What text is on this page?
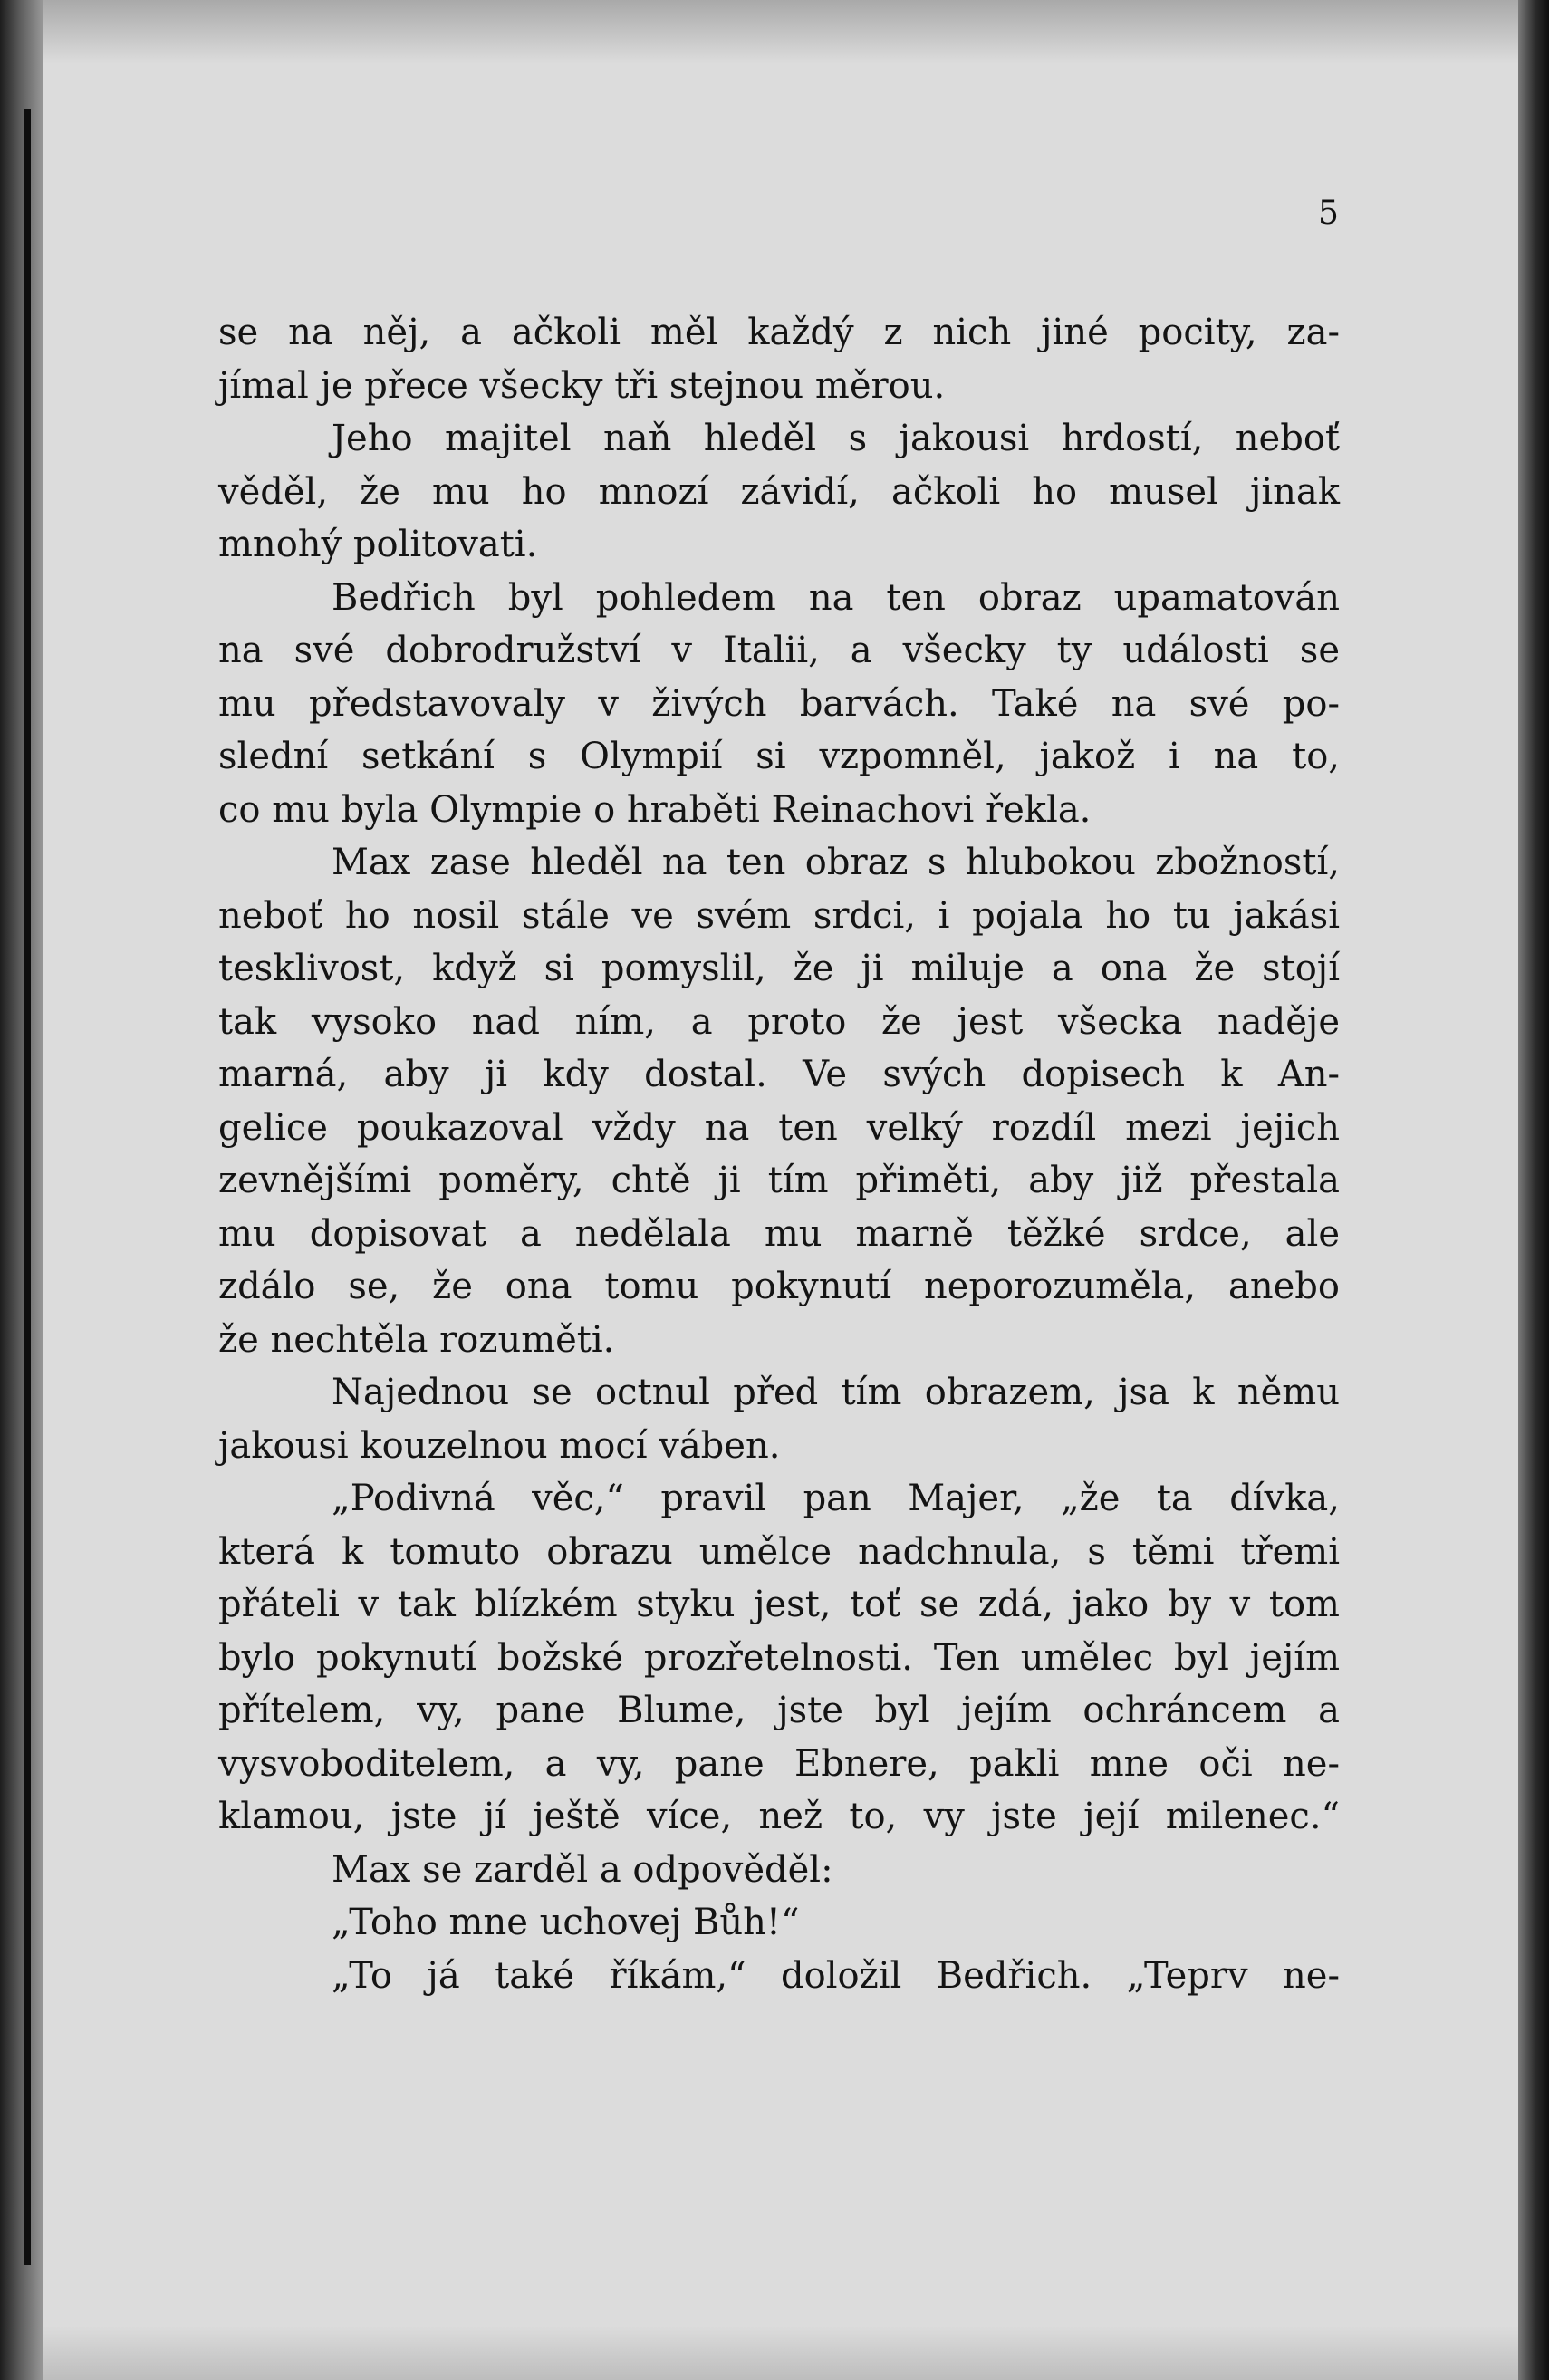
5
se na něj, a ačkoli měl každý z nich jiné pocity, za-
jímal je přece všecky tři stejnou měrou.
Jeho majitel naň hleděl s jakousi hrdostí, neboť
věděl, že mu ho mnozí závidí, ačkoli ho musel jinak
mnohý politovati.
Bedřich byl pohledem na ten obraz upamatován
na své dobrodružství v Italii, a všecky ty události se
mu představovaly v živých barvách. Také na své po-
slední setkání s Olympií si vzpomněl, jakož i na to,
co mu byla Olympie o hraběti Reinachovi řekla.
Max zase hleděl na ten obraz s hlubokou zbožností,
neboť ho nosil stále ve svém srdci, i pojala ho tu jakási
tesklivost, když si pomyslil, že ji miluje a ona že stojí
tak vysoko nad ním, a proto že jest všecka naděje
marná, aby ji kdy dostal. Ve svých dopisech k An-
gelice poukazoval vždy na ten velký rozdíl mezi jejich
zevnějšími poměry, chtě ji tím přiměti, aby již přestala
mu dopisovat a nedělala mu marně těžké srdce, ale
zdálo se, že ona tomu pokynutí neporozuměla, anebo
že nechtěla rozuměti.
Najednou se octnul před tím obrazem, jsa k němu
jakousi kouzelnou mocí váben.
„Podivná věc,“ pravil pan Majer, „že ta dívka,
která k tomuto obrazu umělce nadchnula, s těmi třemi
přáteli v tak blízkém styku jest, toť se zdá, jako by v tom
bylo pokynutí božské prozřetelnosti. Ten umělec byl jejím
přítelem, vy, pane Blume, jste byl jejím ochráncem a
vysvoboditelem, a vy, pane Ebnere, pakli mne oči ne-
klamou, jste jí ještě více, než to, vy jste její milenec.“
Max se zarděl a odpověděl:
„Toho mne uchovej Bůh!“
„To já také říkám,“ doložil Bedřich. „Teprv ne-
